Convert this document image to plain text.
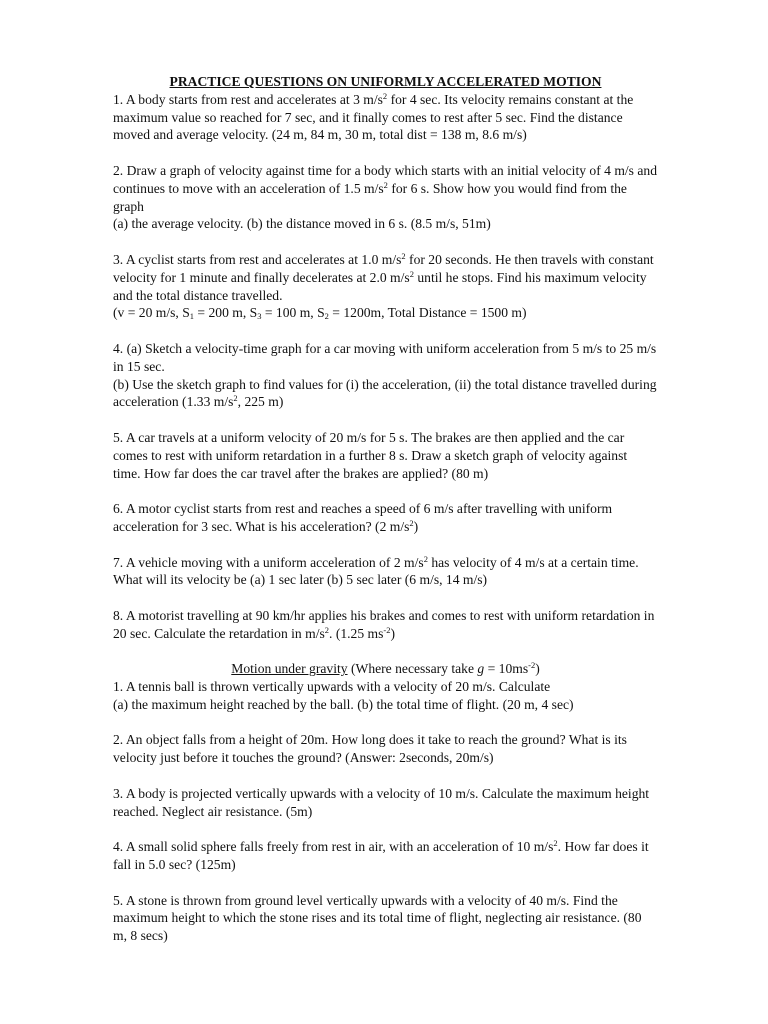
PRACTICE QUESTIONS ON UNIFORMLY ACCELERATED MOTION

1. A body starts from rest and accelerates at 3 $m/s^2$ for 4 sec. Its velocity remains constant at the maximum value so reached for 7 sec, and it finally comes to rest after 5 sec. Find the distance moved and average velocity. (24 m, 84 m, 30 m, total dist = 138 m, 8.6 m/s)

2. Draw a graph of velocity against time for a body which starts with an initial velocity of 4 m/s and continues to move with an acceleration of 1.5 $m/s^2$ for 6 s. Show how you would find from the graph

(a) the average velocity. (b) the distance moved in 6 s. (8.5 m/s, 51m)

3. A cyclist starts from rest and accelerates at 1.0 $m/s^2$ for 20 seconds. He then travels with constant velocity for 1 minute and finally decelerates at 2.0 $m/s^2$ until he stops. Find his maximum velocity and the total distance travelled.

(v = 20 m/s, $S_1 = 200$ m, $S_3 = 100$ m, $S_2 = 1200m$, Total Distance = 1500 m)

4. (a) Sketch a velocity-time graph for a car moving with uniform acceleration from 5 m/s to 25 m/s in 15 sec.

(b) Use the sketch graph to find values for (i) the acceleration, (ii) the total distance travelled during acceleration (1.33 $m/s^2$, 225 m)

5. A car travels at a uniform velocity of 20 m/s for 5 s. The brakes are then applied and the car comes to rest with uniform retardation in a further 8 s. Draw a sketch graph of velocity against time. How far does the car travel after the brakes are applied? (80 m)

6. A motor cyclist starts from rest and reaches a speed of 6 m/s after travelling with uniform acceleration for 3 sec. What is his acceleration? (2 $m/s^2$)

7. A vehicle moving with a uniform acceleration of 2 $m/s^2$ has velocity of 4 m/s at a certain time. What will its velocity be (a) 1 sec later (b) 5 sec later (6 m/s, 14 m/s)

8. A motorist travelling at 90 km/hr applies his brakes and comes to rest with uniform retardation in 20 sec. Calculate the retardation in $m/s^2$. (1.25 $ms^{-2}$)

Motion under gravity (Where necessary take $g = 10ms^{-2}$)

1. A tennis ball is thrown vertically upwards with a velocity of 20 m/s. Calculate

(a) the maximum height reached by the ball. (b) the total time of flight. (20 m, 4 sec)

2. An object falls from a height of 20m. How long does it take to reach the ground? What is its velocity just before it touches the ground? (Answer: 2seconds, 20m/s)

3. A body is projected vertically upwards with a velocity of 10 m/s. Calculate the maximum height reached. Neglect air resistance. (5m)

4. A small solid sphere falls freely from rest in air, with an acceleration of 10 $m/s^2$. How far does it fall in 5.0 sec? (125m)

5. A stone is thrown from ground level vertically upwards with a velocity of 40 m/s. Find the maximum height to which the stone rises and its total time of flight, neglecting air resistance. (80 m, 8 secs)
